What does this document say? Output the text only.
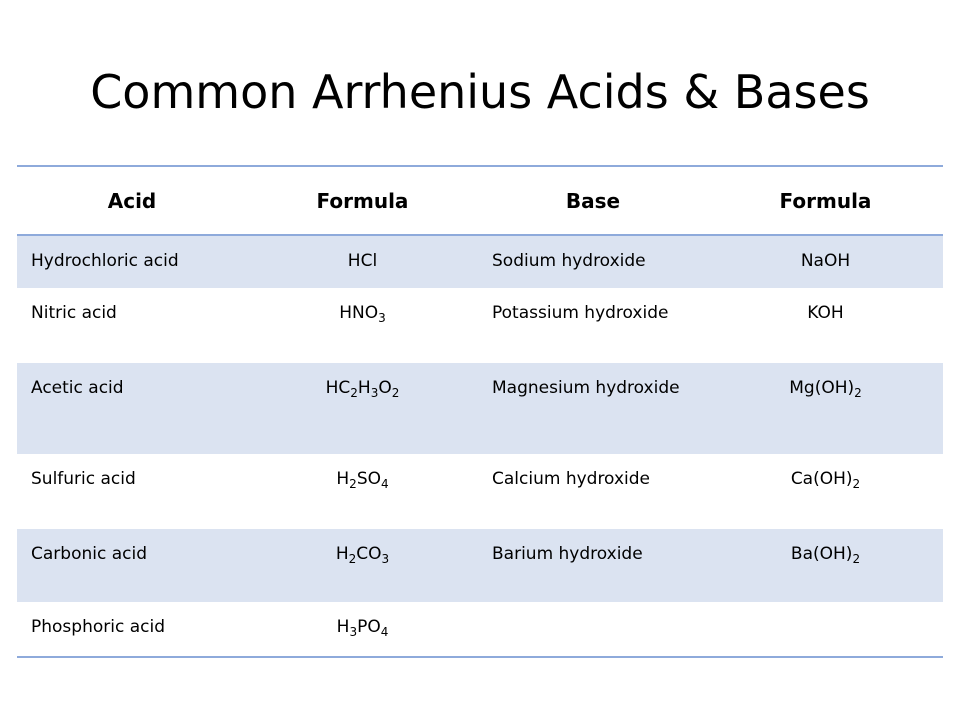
Common Arrhenius Acids & Bases
Acid	Formula	Base	Formula
Hydrochloric acid	HCl	Sodium hydroxide	NaOH
Nitric acid	$HNO_3$	Potassium hydroxide	KOH
Acetic acid	$HC_2H_3O_2$	Magnesium hydroxide	$Mg(OH)_2$
Sulfuric acid	$H_2SO_4$	Calcium hydroxide	$Ca(OH)_2$
Carbonic acid	$H_2CO_3$	Barium hydroxide	$Ba(OH)_2$
Phosphoric acid	$H_3PO_4$		
